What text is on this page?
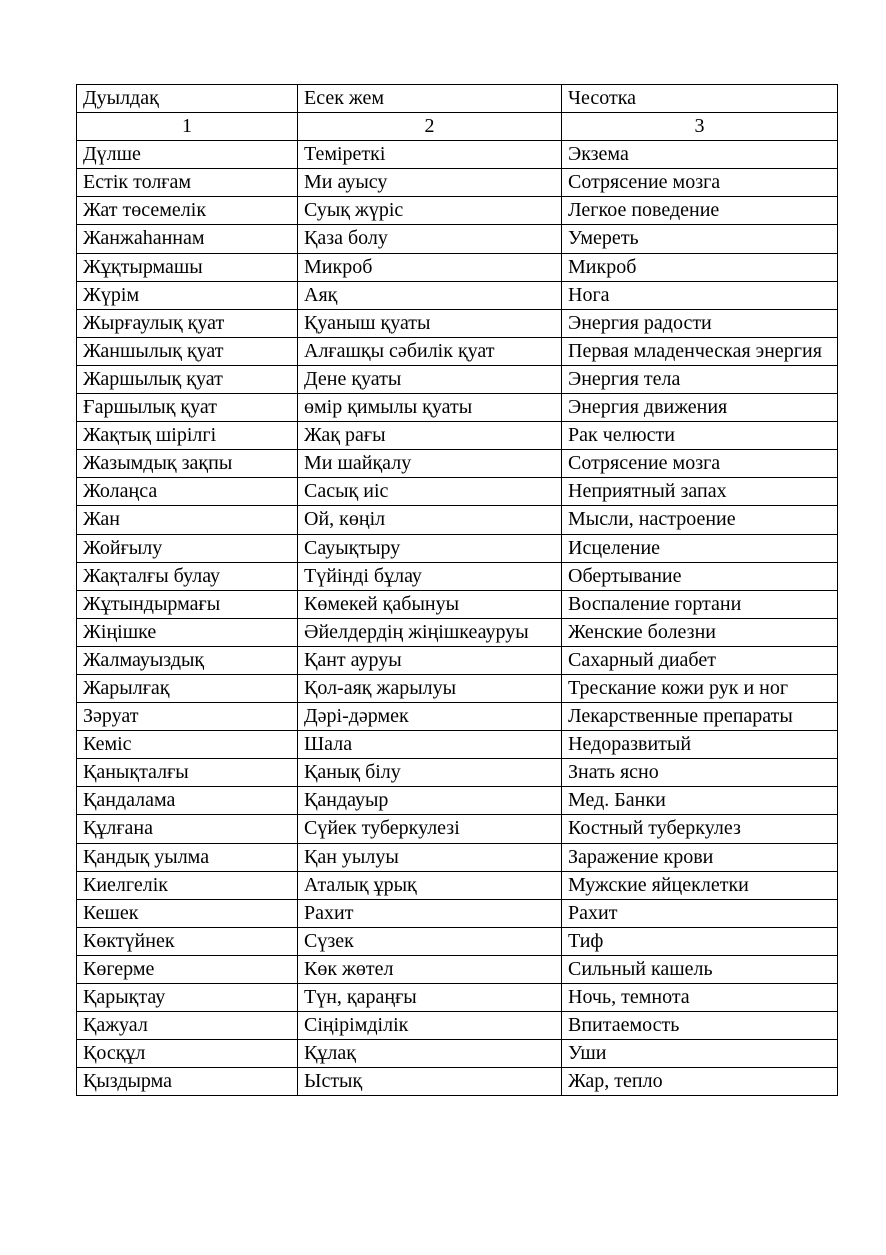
Дуылдақ	Есек жем	Чесотка
1	2	3
Дүлше	Теміреткі	Экзема
Естік толғам	Ми ауысу	Сотрясение мозга
Жат төсемелік	Суық жүріс	Легкое поведение
Жанжаһаннам	Қаза болу	Умереть
Жұқтырмашы	Микроб	Микроб
Жүрім	Аяқ	Нога
Жырғаулық қуат	Қуаныш қуаты	Энергия радости
Жаншылық қуат	Алғашқы сәбилік қуат	Первая младенческая энергия
Жаршылық қуат	Дене қуаты	Энергия тела
Ғаршылық қуат	өмір қимылы қуаты	Энергия движения
Жақтық шірілгі	Жақ рағы	Рак челюсти
Жазымдық зақпы	Ми шайқалу	Сотрясение мозга
Жолаңса	Сасық иіс	Неприятный запах
Жан	Ой, көңіл	Мысли, настроение
Жойғылу	Сауықтыру	Исцеление
Жақталғы булау	Түйінді бұлау	Обертывание
Жұтындырмағы	Көмекей қабынуы	Воспаление гортани
Жіңішке	Әйелдердің жіңішкеауруы	Женские болезни
Жалмауыздық	Қант ауруы	Сахарный диабет
Жарылғақ	Қол-аяқ жарылуы	Трескание кожи рук и ног
Зәруат	Дәрі-дәрмек	Лекарственные препараты
Кеміс	Шала	Недоразвитый
Қанықталғы	Қанық білу	Знать ясно
Қандалама	Қандауыр	Мед. Банки
Құлғана	Сүйек туберкулезі	Костный туберкулез
Қандық уылма	Қан уылуы	Заражение крови
Киелгелік	Аталық ұрық	Мужские яйцеклетки
Кешек	Рахит	Рахит
Көктүйнек	Сүзек	Тиф
Көгерме	Көк жөтел	Сильный кашель
Қарықтау	Түн, қараңғы	Ночь, темнота
Қажуал	Сіңірімділік	Впитаемость
Қосқұл	Құлақ	Уши
Қыздырма	Ыстық	Жар, тепло
